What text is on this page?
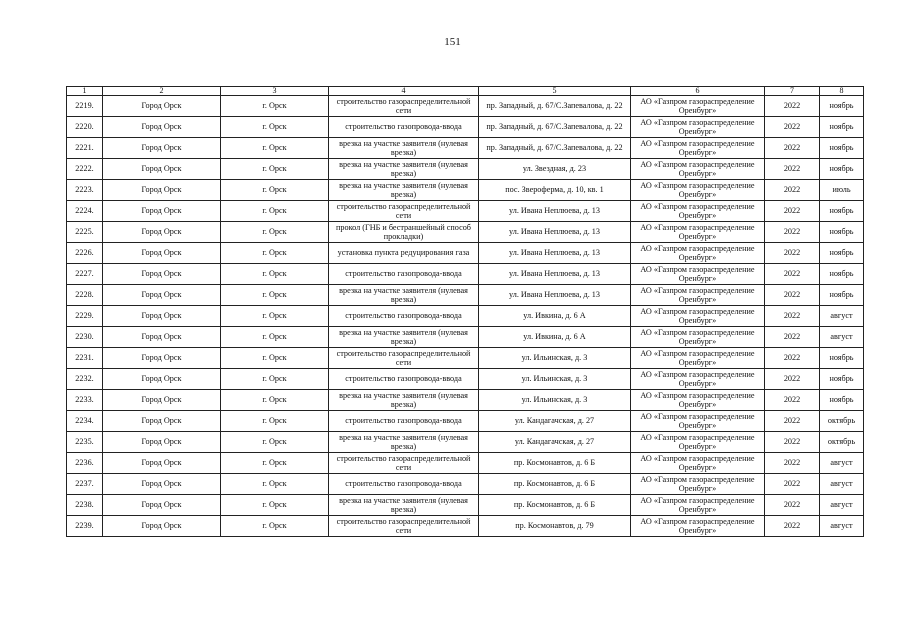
151
1	2	3	4	5	6	7	8
2219.	Город Орск	г. Орск	строительство газораспределительной сети	пр. Западный, д. 67/С.Запевалова, д. 22	АО «Газпром газораспределение Оренбург»	2022	ноябрь
2220.	Город Орск	г. Орск	строительство газопровода-ввода	пр. Западный, д. 67/С.Запевалова, д. 22	АО «Газпром газораспределение Оренбург»	2022	ноябрь
2221.	Город Орск	г. Орск	врезка на участке заявителя (нулевая врезка)	пр. Западный, д. 67/С.Запевалова, д. 22	АО «Газпром газораспределение Оренбург»	2022	ноябрь
2222.	Город Орск	г. Орск	врезка на участке заявителя (нулевая врезка)	ул. Звездная, д. 23	АО «Газпром газораспределение Оренбург»	2022	ноябрь
2223.	Город Орск	г. Орск	врезка на участке заявителя (нулевая врезка)	пос. Звероферма, д. 10, кв. 1	АО «Газпром газораспределение Оренбург»	2022	июль
2224.	Город Орск	г. Орск	строительство газораспределительной сети	ул. Ивана Неплюева, д. 13	АО «Газпром газораспределение Оренбург»	2022	ноябрь
2225.	Город Орск	г. Орск	прокол (ГНБ и бестраншейный способ прокладки)	ул. Ивана Неплюева, д. 13	АО «Газпром газораспределение Оренбург»	2022	ноябрь
2226.	Город Орск	г. Орск	установка пункта редуцирования газа	ул. Ивана Неплюева, д. 13	АО «Газпром газораспределение Оренбург»	2022	ноябрь
2227.	Город Орск	г. Орск	строительство газопровода-ввода	ул. Ивана Неплюева, д. 13	АО «Газпром газораспределение Оренбург»	2022	ноябрь
2228.	Город Орск	г. Орск	врезка на участке заявителя (нулевая врезка)	ул. Ивана Неплюева, д. 13	АО «Газпром газораспределение Оренбург»	2022	ноябрь
2229.	Город Орск	г. Орск	строительство газопровода-ввода	ул. Ивкина, д. 6 А	АО «Газпром газораспределение Оренбург»	2022	август
2230.	Город Орск	г. Орск	врезка на участке заявителя (нулевая врезка)	ул. Ивкина, д. 6 А	АО «Газпром газораспределение Оренбург»	2022	август
2231.	Город Орск	г. Орск	строительство газораспределительной сети	ул. Ильинская, д. 3	АО «Газпром газораспределение Оренбург»	2022	ноябрь
2232.	Город Орск	г. Орск	строительство газопровода-ввода	ул. Ильинская, д. 3	АО «Газпром газораспределение Оренбург»	2022	ноябрь
2233.	Город Орск	г. Орск	врезка на участке заявителя (нулевая врезка)	ул. Ильинская, д. 3	АО «Газпром газораспределение Оренбург»	2022	ноябрь
2234.	Город Орск	г. Орск	строительство газопровода-ввода	ул. Кандагачская, д. 27	АО «Газпром газораспределение Оренбург»	2022	октябрь
2235.	Город Орск	г. Орск	врезка на участке заявителя (нулевая врезка)	ул. Кандагачская, д. 27	АО «Газпром газораспределение Оренбург»	2022	октябрь
2236.	Город Орск	г. Орск	строительство газораспределительной сети	пр. Космонавтов, д. 6 Б	АО «Газпром газораспределение Оренбург»	2022	август
2237.	Город Орск	г. Орск	строительство газопровода-ввода	пр. Космонавтов, д. 6 Б	АО «Газпром газораспределение Оренбург»	2022	август
2238.	Город Орск	г. Орск	врезка на участке заявителя (нулевая врезка)	пр. Космонавтов, д. 6 Б	АО «Газпром газораспределение Оренбург»	2022	август
2239.	Город Орск	г. Орск	строительство газораспределительной сети	пр. Космонавтов, д. 79	АО «Газпром газораспределение Оренбург»	2022	август
